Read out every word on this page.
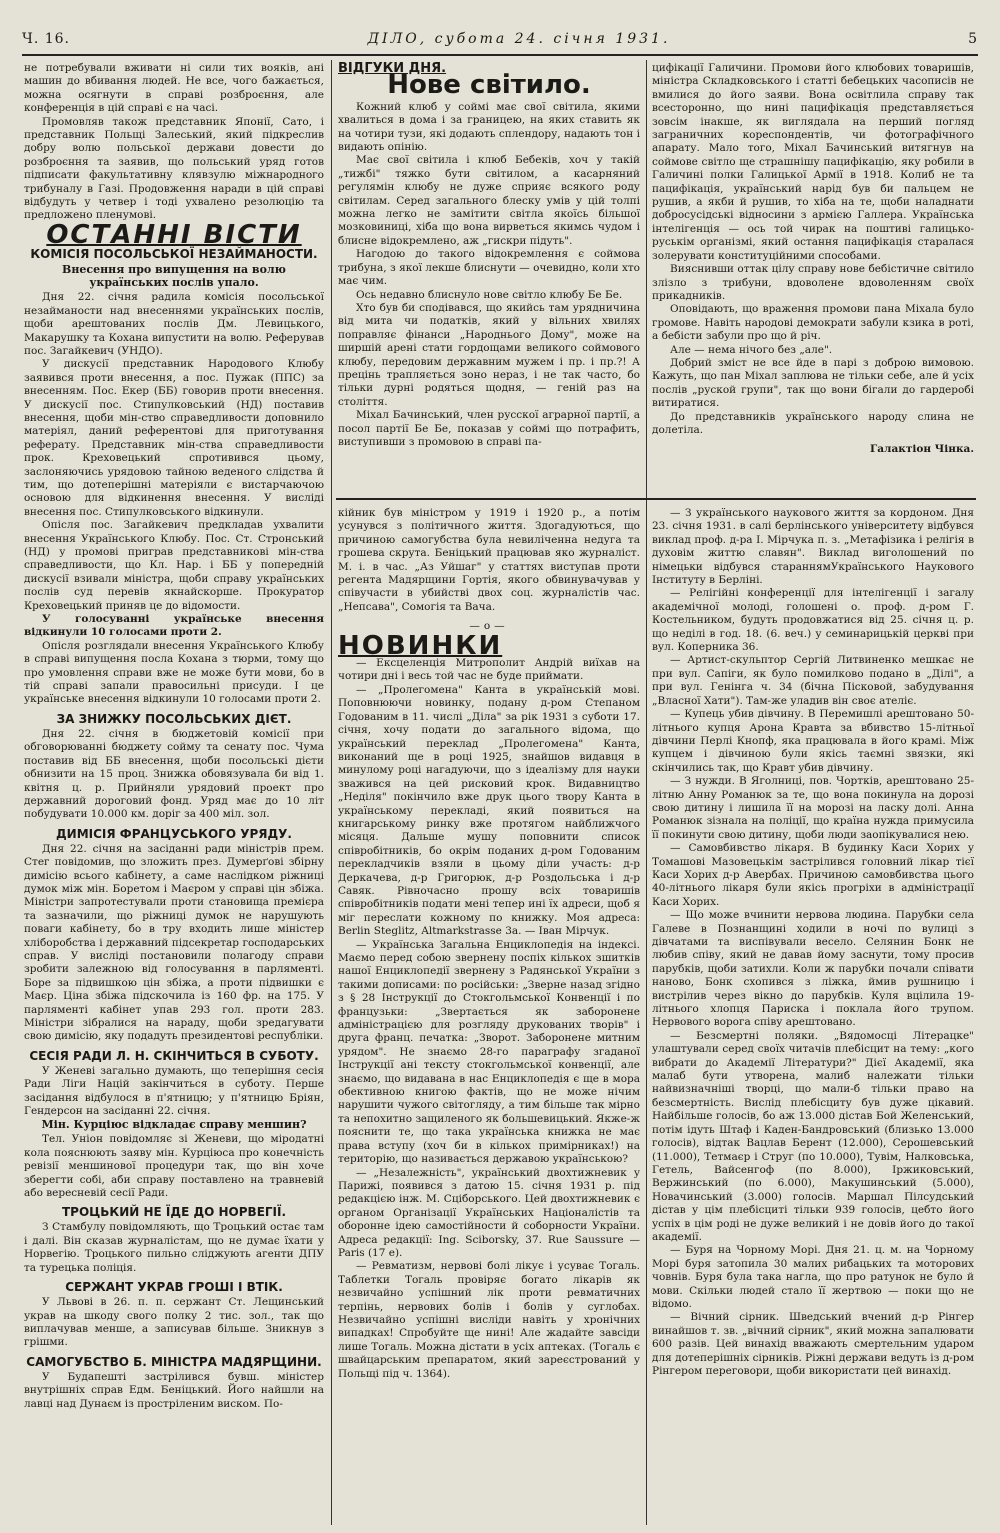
Ч. 16.	ДІЛО, субота 24. січня 1931.	5

не потребували вживати ні сили тих вояків, ані машин до вбивання людей. Не все, чого бажається, можна осягнути в справі розброєння, але конференція в цій справі є на часі.

Промовляв також представник Японії, Сато, і представник Польщі Залеський, який підкреслив добру волю польської держави довести до розброєння та заявив, що польський уряд готов підписати факультативну клявзулю міжнародного трибуналу в Газі. Продовження наради в цій справі відбудуть у четвер і тоді ухвалено резолюцію та предложено пленумові.

ОСТАННІ ВІСТИ
КОМІСІЯ ПОСОЛЬСЬКОЇ НЕЗАЙМАНОСТИ.
Внесення про випущення на волю українських послів упало.

Дня 22. січня радила комісія посольської незайманости над внесеннями українських послів, щоби арештованих послів Дм. Левицького, Макарушку та Кохана випустити на волю. Реферував пос. Загайкевич (УНДО).

У дискусії представник Народового Клюбу заявився проти внесення, а пос. Пужак (ППС) за внесенням. Пос. Екер (ББ) говорив проти внесення. У дискусії пос. Стипулковський (НД) поставив внесення, щоби мін-ство справедливости доповнило матеріял, даний референтові для приготування реферату. Представник мін-ства справедливости прок. Креховецький спротивився цьому, заслоняючись урядовою тайною веденого слідства й тим, що дотеперішні матеріяли є вистарчаючою основою для відкинення внесення. У висліді внесення пос. Стипулковського відкинули.

Опісля пос. Загайкевич предкладав ухвалити внесення Українського Клюбу. Пос. Ст. Стронський (НД) у промові приграв представникові мін-ства справедливости, що Кл. Нар. і ББ у попередній дискусії взивали міністра, щоби справу українських послів суд перевів якнайскорше. Прокуратор Креховецький приняв це до відомости.

У голосуванні українське внесення відкинули 10 голосами проти 2.

Опісля розглядали внесення Українського Клюбу в справі випущення посла Кохана з тюрми, тому що про умовлення справи вже не може бути мови, бо в тій справі запали правосильні присуди. І це українське внесення відкинули 10 голосами проти 2.

ЗА ЗНИЖКУ ПОСОЛЬСЬКИХ ДІЄТ.

Дня 22. січня в бюджетовій комісії при обговорюванні бюджету сойму та сенату пос. Чума поставив від ББ внесення, щоби посольські дієти обнизити на 15 проц. Знижка обовязувала би від 1. квітня ц. р. Прийняли урядовий проект про державний дороговий фонд. Уряд має до 10 літ побудувати 10.000 км. доріг за 400 міл. зол.

ДИМІСІЯ ФРАНЦУСЬКОГО УРЯДУ.

Дня 22. січня на засіданні ради міністрів прем. Стег повідомив, що зложить през. Думерґові збірну димісію всього кабінету, а саме наслідком ріжниці думок між мін. Боретом і Маєром у справі цін збіжа. Міністри запротестували проти становища премієра та зазначили, що ріжниці думок не нарушують поваги кабінету, бо в тру входить лише міністер хліборобства і державний підсекретар господарських справ. У висліді постановили полагоду справи зробити залежною від голосування в парляменті. Боре за підвишкою цін збіжа, а проти підвишки є Маєр. Ціна збіжа підскочила із 160 фр. на 175. У парляменті кабінет упав 293 гол. проти 283. Міністри зібралися на нараду, щоби зредагувати свою димісію, яку подадуть президентові республіки.

СЕСІЯ РАДИ Л. Н. СКІНЧИТЬСЯ В СУБОТУ.

У Женеві загально думають, що теперішня сесія Ради Ліги Націй закінчиться в суботу. Перше засідання відбулося в п'ятницю; у п'ятницю Бріян, Гендерсон на засіданні 22. січня.

Мін. Курціюс відкладає справу меншин?

Тел. Уніон повідомляє зі Женеви, що міродатні кола пояснюють заяву мін. Курціюса про конечність ревізії меншинової процедури так, що він хоче зберегти собі, аби справу поставлено на травневій або вересневій сесії Ради.

ТРОЦЬКИЙ НЕ ЇДЕ ДО НОРВЕГІЇ.

З Стамбулу повідомляють, що Троцький остає там і далі. Він сказав журналістам, що не думає їхати у Норвегію. Троцького пильно сліджують агенти ДПУ та турецька поліція.

СЕРЖАНТ УКРАВ ГРОШІ І ВТІК.

У Львові в 26. п. п. сержант Ст. Лещинський украв на шкоду свого полку 2 тис. зол., так що виплачував менше, а записував більше. Зникнув з грішми.

САМОГУБСТВО Б. МІНІСТРА МАДЯРЩИНИ.

У Будапешті застрілився бувш. міністер внутрішніх справ Едм. Беніцький. Його найшли на лавці над Дунаєм із простріленим виском. По-

ВІДГУКИ ДНЯ.
Нове світило.

Кожний клюб у соймі має свої світила, якими хвалиться в дома і за границею, на яких ставить як на чотири тузи, які додають сплендору, надають тон і видають опінію.

Має свої світила і клюб Бебеків, хоч у такій „тижбі" тяжко бути світилом, а касарняний регулямін клюбу не дуже сприяє всякого роду світилам. Серед загального блеску умів у цій толпі можна легко не замітити світла якоїсь більшої мозковиниці, хіба що вона вирветься якимсь чудом і блисне відокремлено, аж „гискри підуть".

Нагодою до такого відокремлення є соймова трибуна, з якої лекше блиснути — очевидно, коли хто має чим.

Ось недавно блиснуло нове світло клюбу Бе Бе.

Хто був би сподівався, що якийсь там урядничина від мита чи податків, який у вільних хвилях поправляє фінанси „Народнього Дому", може на ширшій арені стати гордощами великого соймового клюбу, передовим державним мужем і пр. і пр.?! А прецінь трапляється зоно нераз, і не так часто, бо тільки дурні родяться щодня, — геній раз на століття.

Міхал Бачинський, член русскої аграрної партії, а посол партії Бе Бе, показав у соймі що потрафить, виступивши з промовою в справі па-

цифікації Галичини. Промови його клюбових товаришів, міністра Складковського і статті бебецьких часописів не вмилися до його заяви. Вона освітлила справу так всесторонно, що нині пацифікація представляється зовсім інакше, як виглядала на перший погляд заграничних кореспондентів, чи фотографічного апарату. Мало того, Міхал Бачинський витягнув на соймове світло ще страшнішу пацифікацію, яку робили в Галичині полки Галицької Армії в 1918. Колиб не та пацифікація, український нарід був би пальцем не рушив, а якби й рушив, то хіба на те, щоби наладнати добросусідські відносини з армією Галлера. Українська інтелігенція — ось той чирак на поштиві галицько-руськім організмі, який остання пацифікація старалася золерувати конституційними способами.

Вияснивши оттак цілу справу нове бебістичне світило злізло з трибуни, вдоволене вдоволенням своїх прикадників.

Оповідають, що враження промови пана Міхала було громове. Навіть народові демократи забули кзика в роті, а бебісти забули про що й річ.

Але — нема нічого без „але".

Добрий зміст не все йде в парі з доброю вимовою. Кажуть, що пан Міхал заплюва не тільки себе, але й усіх послів „руской групи", так що вони бігали до гардеробі витиратися.

До представників українського народу слина не долетіла.

Галактіон Чінка.

кійник був міністром у 1919 і 1920 р., а потім усунувся з політичного життя. Здогадуються, що причиною самогубства була невиліченна недуга та грошева скрута. Беніцький працював яко журналіст. М. і. в час. „Аз Уйшаг" у статтях виступав проти регента Мадярщини Гортія, якого обвинувачував у співучасти в убийстві двох соц. журналістів час. „Непсава", Сомогія та Вача.

—о—
НОВИНКИ

— Ексцеленція Митрополит Андрій виїхав на чотири дні і весь той час не буде приймати.

— „Пролегомена" Канта в українській мові. Поповнюючи новинку, подану д-ром Степаном Годованим в 11. числі „Діла" за рік 1931 з суботи 17. січня, хочу подати до загального відома, що український переклад „Пролегомена" Канта, виконаний ще в році 1925, знайшов видавця в минулому році нагадуючи, що з ідеалізму для науки зважився на цей рисковий крок. Видавництво „Неділя" покінчило вже друк цього твору Канта в українському перекладі, який появиться на книгарському ринку вже протягом найближчого місяця. Дальше мушу поповнити список співробітників, бо окрім поданих д-ром Годованим перекладчиків взяли в цьому діли участь: д-р Деркачева, д-р Григорюк, д-р Роздольська і д-р Савяк. Рівночасно прошу всіх товаришів співробітників подати мені тепер ині їх адреси, щоб я міг переслати кожному по книжку. Моя адреса: Berlin Steglitz, Altmarkstrasse 3a. — Іван Мірчук.

— Українська Загальна Енциклопедія на індексі. Маємо перед собою звернену поспіх кількох зшитків нашої Енциклопедії звернену з Радянської України з такими дописами: по російськи: „Зверне назад згідно з § 28 Інструкції до Стокгольмської Конвенції і по французьки: „Звертається як заборонене адміністрацією для розгляду друкованих творів" і друга франц. печатка: „Зворот. Заборонене митним урядом". Не знаємо 28-го параграфу згаданої Інструкції ані тексту стокгольмської конвенції, але знаємо, що видавана в нас Енциклопедія є ще в мора обективною книгою фактів, що не може нічим нарушити чужого світогляду, а тим більше так мірно та непохитно защиленого як большевицький. Якже-ж пояснити те, що така українська книжка не має права вступу (хоч би в кількох примірниках!) на територію, що називається державою українською?

— „Незалежність", український двохтижневик у Парижі, появився з датою 15. січня 1931 р. під редакцією інж. М. Сціборського. Цей двохтижневик є органом Організації Українських Націоналістів та оборонне ідею самостійности й соборности України. Адреса редакції: Ing. Sciborsky, 37. Rue Saussure — Paris (17 e).

— Ревматизм, нервові болі лікує і усуває Тогаль. Таблетки Тогаль провіряє богато лікарів як незвичайно успішний лік проти ревматичних терпінь, нервових болів і болів у суглобах. Незвичайно успішні висліди навіть у хронічних випадках! Спробуйте ще нині! Але жадайте завсіди лише Тогаль. Можна дістати в усіх аптеках. (Тогаль є швайцарським препаратом, який зареєстрований у Польщі під ч. 1364).

— З українського наукового життя за кордоном. Дня 23. січня 1931. в салі берлінського університету відбувся виклад проф. д-ра І. Мірчука п. з. „Метафізика і релігія в духовім життю славян". Виклад виголошений по німецьки відбувся стараннямУкраїнського Наукового Інституту в Берліні.

— Релігійні конференції для інтелігенції і загалу академічної молоді, голошені о. проф. д-ром Г. Костельником, будуть продовжатися від 25. січня ц. р. що неділі в год. 18. (6. веч.) у семинарицькій церкві при вул. Коперника 36.

— Артист-скульптор Сергій Литвиненко мешкає не при вул. Сапіги, як було помилково подано в „Ділі", а при вул. Генінга ч. 34 (бічна Пісковой, забудування „Власної Хати"). Там-же уладив він своє ателіє.

— Купець убив дівчину. В Перемишлі арештовано 50-літнього купця Арона Кравта за вбивство 15-літньої дівчини Перлі Кнопф, яка працювала в його крамі. Між купцем і дівчиною були якісь таємні звязки, які скінчились так, що Кравт убив дівчину.

— З нужди. В Яголниці, пов. Чортків, арештовано 25-літню Анну Романюк за те, що вона покинула на дорозі свою дитину і лишила її на морозі на ласку долі. Анна Романюк зізнала на поліції, що країна нужда примусила її покинути свою дитину, щоби люди заопікувалися нею.

— Самовбивство лікаря. В будинку Каси Хорих у Томашові Мазовецькім застрілився головний лікар тієї Каси Хорих д-р Авербах. Причиною самовбивства цього 40-літнього лікаря були якісь прогріхи в адміністрації Каси Хорих.

— Що може вчинити нервова людина. Парубки села Галеве в Познанщині ходили в ночі по вулиці з дівчатами та виспівували весело. Селянин Бонк не любив співу, який не давав йому заснути, тому просив парубків, щоби затихли. Коли ж парубки почали співати наново, Бонк схопився з ліжка, ймив рушницю і вистрілив через вікно до парубків. Куля вцілила 19-літнього хлопця Париска і поклала його трупом. Нервового ворога співу арештовано.

— Безсмертні поляки. „Вядомосці Літерацке" улаштували серед своїх читачів плебісцит на тему: „кого вибрати до Академії Літератури?" Дієї Академії, яка малаб бути утворена, малиб належати тільки найвизначніші творці, що мали-б тільки право на безсмертність. Вислід плебісциту був дуже цікавий. Найбільше голосів, бо аж 13.000 дістав Бой Желенський, потім ідуть Штаф і Каден-Бандровський (близько 13.000 голосів), відтак Вацлав Берент (12.000), Серошевський (11.000), Тетмаєр і Струг (по 10.000), Тувім, Налковська, Гетель, Вайсенгоф (по 8.000), Іржиковський, Вержинський (по 6.000), Макушинський (5.000), Новачинський (3.000) голосів. Маршал Пілсудський дістав у цім плебісциті тільки 939 голосів, цебто його успіх в цім роді не дуже великий і не довів його до такої академії.

— Буря на Чорному Морі. Дня 21. ц. м. на Чорному Морі буря затопила 30 малих рибацьких та моторових човнів. Буря була така нагла, що про ратунок не було й мови. Скільки людей стало її жертвою — поки що не відомо.

— Вічний сірник. Шведський вчений д-р Рінгер винайшов т. зв. „вічний сірник", який можна запалювати 600 разів. Цей винахід вважають смертельним ударом для дотеперішніх сірників. Ріжні держави ведуть із д-ром Рінгером переговори, щоби використати цей винахід.
